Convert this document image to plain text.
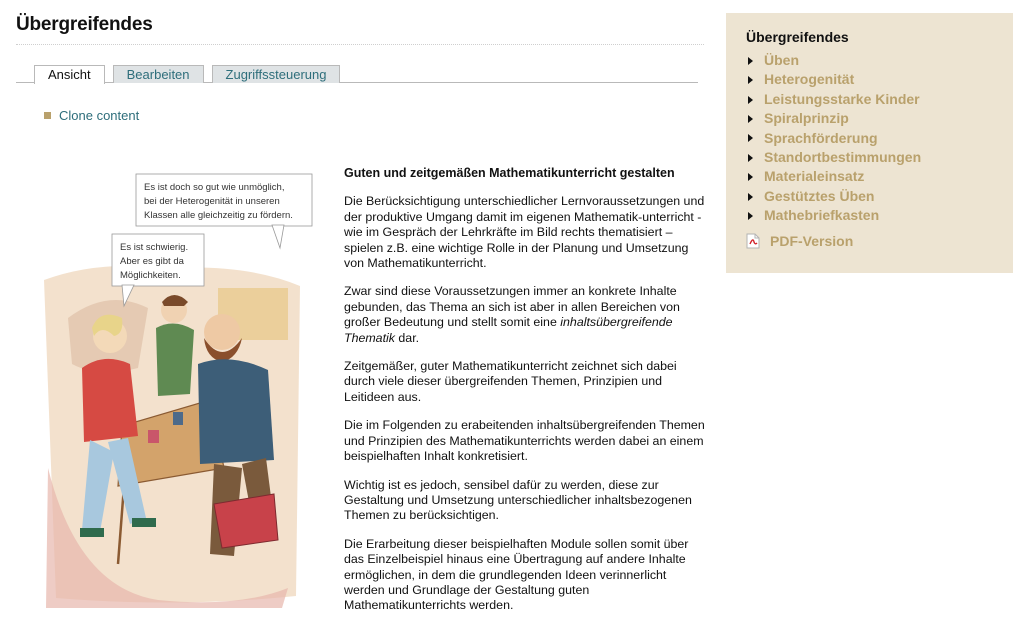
Übergreifendes
Ansicht	Bearbeiten	Zugriffssteuerung
Clone content
Es ist doch so gut wie unmöglich, bei der Heterogenität in unseren Klassen alle gleichzeitig zu fördern.
Es ist schwierig. Aber es gibt da Möglichkeiten.
Guten und zeitgemäßen Mathematikunterricht gestalten

Die Berücksichtigung unterschiedlicher Lernvoraussetzungen und der produktive Umgang damit im eigenen Mathematik-unterricht - wie im Gespräch der Lehrkräfte im Bild rechts thematisiert – spielen z.B. eine wichtige Rolle in der Planung und Umsetzung von Mathematikunterricht.

Zwar sind diese Voraussetzungen immer an konkrete Inhalte gebunden, das Thema an sich ist aber in allen Bereichen von großer Bedeutung und stellt somit eine inhaltsübergreifende Thematik dar.

Zeitgemäßer, guter Mathematikunterricht zeichnet sich dabei durch viele dieser übergreifenden Themen, Prinzipien und Leitideen aus.

Die im Folgenden zu erabeitenden inhaltsübergreifenden Themen und Prinzipien des Mathematikunterrichts werden dabei an einem beispielhaften Inhalt konkretisiert.

Wichtig ist es jedoch, sensibel dafür zu werden, diese zur Gestaltung und Umsetzung unterschiedlicher inhaltsbezogenen Themen zu berücksichtigen.

Die Erarbeitung dieser beispielhaften Module sollen somit über das Einzelbeispiel hinaus eine Übertragung auf andere Inhalte ermöglichen, in dem die grundlegenden Ideen verinnerlicht werden und Grundlage der Gestaltung guten Mathematikunterrichts werden.

Übergreifendes
Üben
Heterogenität
Leistungsstarke Kinder
Spiralprinzip
Sprachförderung
Standortbestimmungen
Materialeinsatz
Gestütztes Üben
Mathebriefkasten
PDF-Version
